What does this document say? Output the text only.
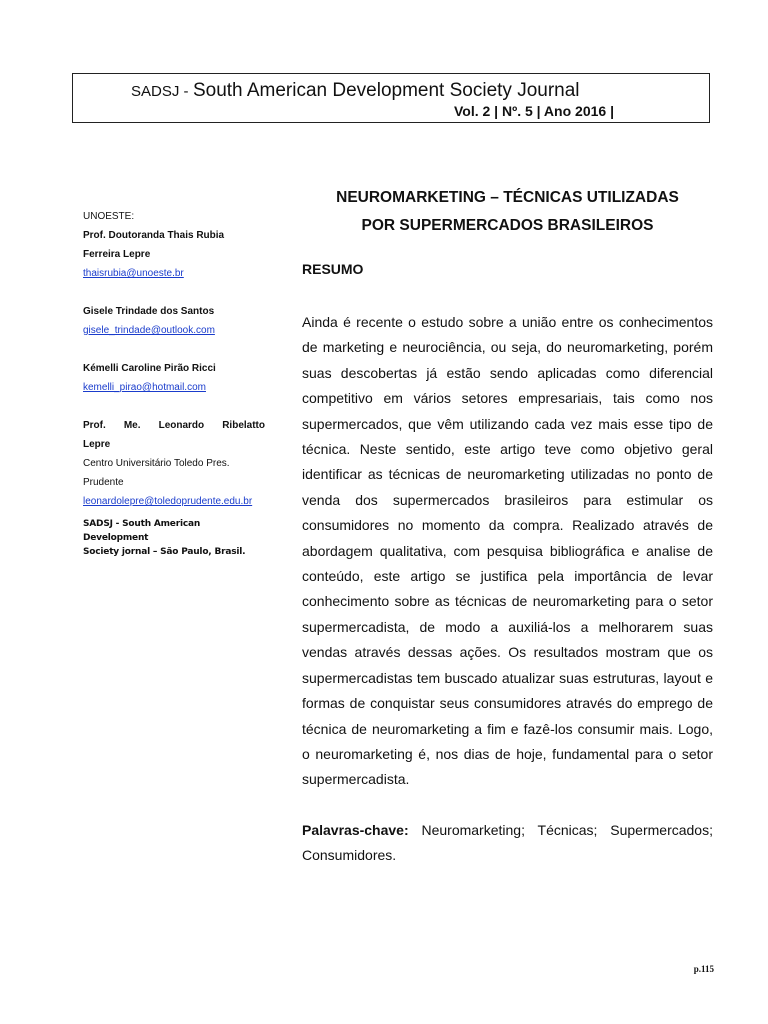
SADSJ - South American Development Society Journal
Vol. 2 | Nº. 5 | Ano 2016 |
UNOESTE:
Prof. Doutoranda Thais Rubia
Ferreira Lepre
thaisrubia@unoeste.br
Gisele Trindade dos Santos
gisele_trindade@outlook.com
Kémelli Caroline Pirão Ricci
kemelli_pirao@hotmail.com
Prof. Me. Leonardo Ribelatto
Lepre
Centro Universitário Toledo Pres.
Prudente
leonardolepre@toledoprudente.edu.br
SADSJ - South American Development
Society jornal – São Paulo, Brasil.
NEUROMARKETING – TÉCNICAS UTILIZADAS
POR SUPERMERCADOS BRASILEIROS
____________________________________________
RESUMO
Ainda é recente o estudo sobre a união entre os conhecimentos de marketing e neurociência, ou seja, do neuromarketing, porém suas descobertas já estão sendo aplicadas como diferencial competitivo em vários setores empresariais, tais como nos supermercados, que vêm utilizando cada vez mais esse tipo de técnica. Neste sentido, este artigo teve como objetivo geral identificar as técnicas de neuromarketing utilizadas no ponto de venda dos supermercados brasileiros para estimular os consumidores no momento da compra. Realizado através de abordagem qualitativa, com pesquisa bibliográfica e analise de conteúdo, este artigo se justifica pela importância de levar conhecimento sobre as técnicas de neuromarketing para o setor supermercadista, de modo a auxiliá-los a melhorarem suas vendas através dessas ações. Os resultados mostram que os supermercadistas tem buscado atualizar suas estruturas, layout e formas de conquistar seus consumidores através do emprego de técnica de neuromarketing a fim e fazê-los consumir mais. Logo, o neuromarketing é, nos dias de hoje, fundamental para o setor supermercadista.
Palavras-chave: Neuromarketing; Técnicas; Supermercados; Consumidores.
p.115
